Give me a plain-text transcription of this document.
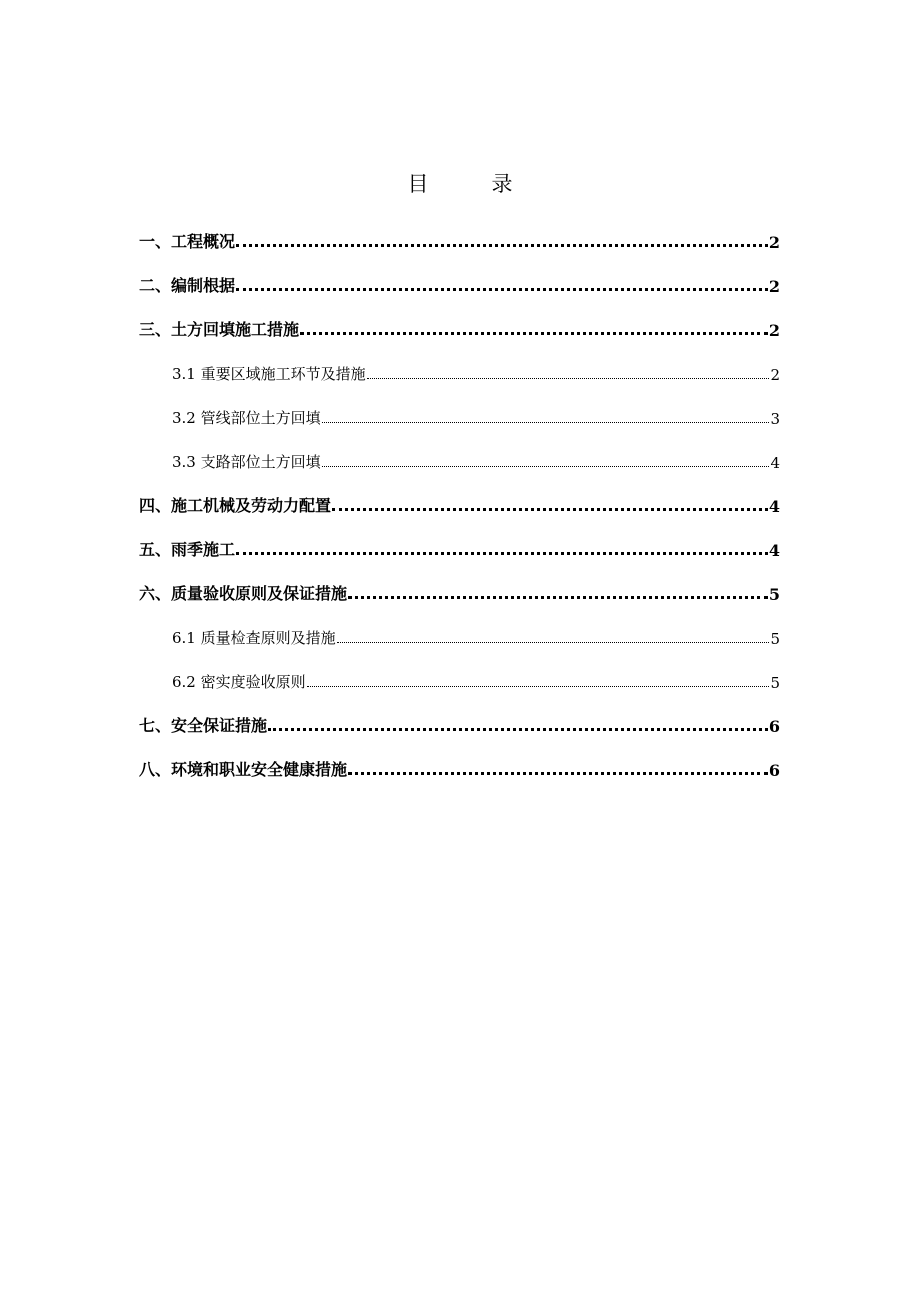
目　　　录
一、工程概况	2
二、编制根据	2
三、土方回填施工措施	2
3.1 重要区域施工环节及措施	2
3.2 管线部位土方回填	3
3.3 支路部位土方回填	4
四、施工机械及劳动力配置	4
五、雨季施工	4
六、质量验收原则及保证措施	5
6.1 质量检查原则及措施	5
6.2 密实度验收原则	5
七、安全保证措施	6
八、环境和职业安全健康措施	6
